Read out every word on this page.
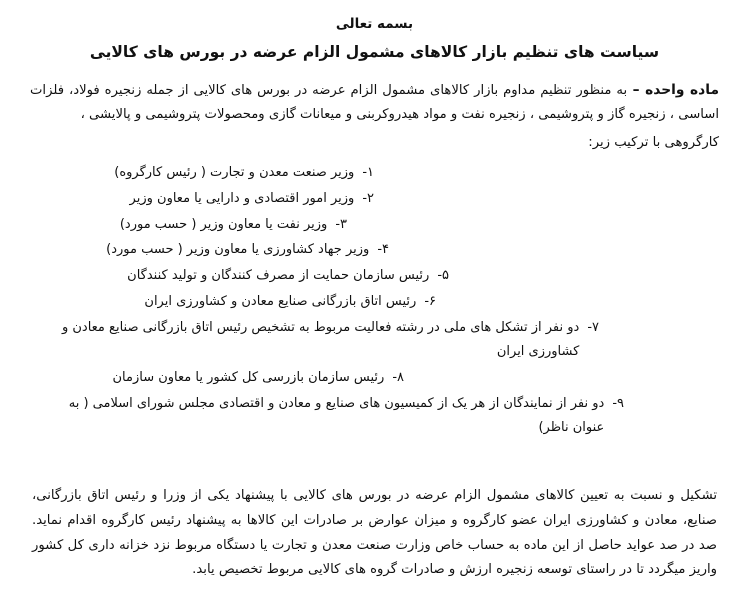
بسمه تعالی
سیاست های تنظیم بازار کالاهای مشمول الزام عرضه در بورس های کالایی

ماده واحده – به منظور تنظیم مداوم بازار کالاهای مشمول الزام عرضه در بورس های کالایی از جمله زنجیره فولاد، فلزات اساسی ، زنجیره گاز و پتروشیمی ، زنجیره نفت و مواد هیدروکربنی و میعانات گازی ومحصولات پتروشیمی و پالایشی ،

کارگروهی با ترکیب زیر:

۱-
وزیر صنعت معدن و تجارت ( رئیس کارگروه)
۲-
وزیر امور اقتصادی و دارایی یا معاون وزیر
۳-
وزیر نفت یا معاون وزیر ( حسب مورد)
۴-
وزیر جهاد کشاورزی یا معاون وزیر ( حسب مورد)
۵-
رئیس سازمان حمایت از مصرف کنندگان و تولید کنندگان
۶-
رئیس اتاق بازرگانی صنایع معادن و کشاورزی ایران
۷-
دو نفر از تشکل های ملی در رشته فعالیت مربوط به تشخیص رئیس اتاق بازرگانی صنایع معادن و کشاورزی ایران
۸-
رئیس سازمان بازرسی کل کشور یا معاون سازمان
۹-
دو نفر از نمایندگان از هر یک از کمیسیون های صنایع و معادن و اقتصادی مجلس شورای اسلامی ( به عنوان ناظر)

تشکیل و نسبت به تعیین کالاهای مشمول الزام عرضه در بورس های کالایی با پیشنهاد یکی از وزرا و رئیس اتاق بازرگانی، صنایع، معادن و کشاورزی ایران عضو کارگروه و میزان عوارض بر صادرات این کالاها به پیشنهاد رئیس کارگروه اقدام نماید. صد در صد عواید حاصل از این ماده به حساب خاص وزارت صنعت معدن و تجارت یا دستگاه مربوط نزد خزانه داری کل کشور واریز میگردد تا در راستای توسعه زنجیره ارزش و صادرات گروه های کالایی مربوط تخصیص یابد.
